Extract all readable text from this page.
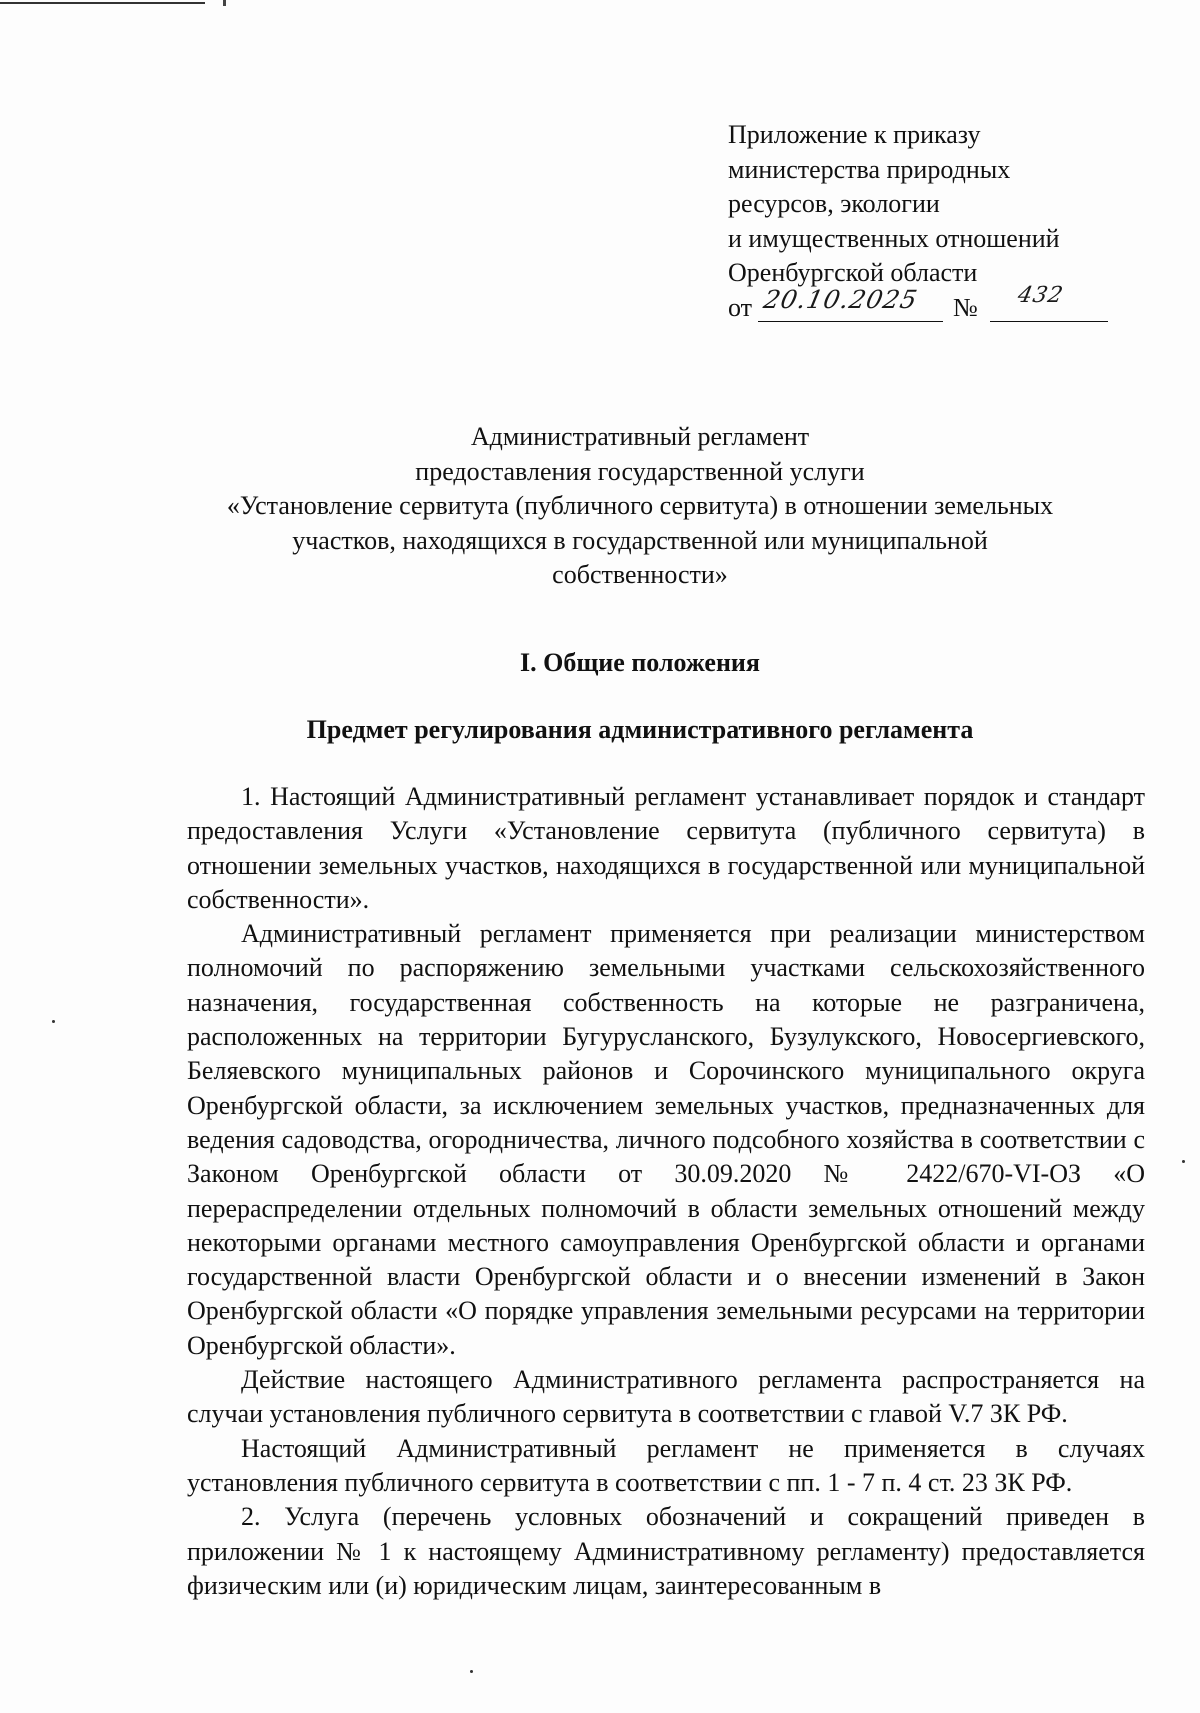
Приложение к приказу
министерства природных
ресурсов, экологии
и имущественных отношений
Оренбургской области
от 20.10.2025 № 432
Административный регламент
предоставления государственной услуги
«Установление сервитута (публичного сервитута) в отношении земельных
участков, находящихся в государственной или муниципальной
собственности»
I. Общие положения
Предмет регулирования административного регламента

1. Настоящий Административный регламент устанавливает порядок и стандарт предоставления Услуги «Установление сервитута (публичного сервитута) в отношении земельных участков, находящихся в государственной или муниципальной собственности».

Административный регламент применяется при реализации министерством полномочий по распоряжению земельными участками сельскохозяйственного назначения, государственная собственность на которые не разграничена, расположенных на территории Бугурусланского, Бузулукского, Новосергиевского, Беляевского муниципальных районов и Сорочинского муниципального округа Оренбургской области, за исключением земельных участков, предназначенных для ведения садоводства, огородничества, личного подсобного хозяйства в соответствии с Законом Оренбургской области от 30.09.2020 № 2422/670-VI-ОЗ «О перераспределении отдельных полномочий в области земельных отношений между некоторыми органами местного самоуправления Оренбургской области и органами государственной власти Оренбургской области и о внесении изменений в Закон Оренбургской области «О порядке управления земельными ресурсами на территории Оренбургской области».

Действие настоящего Административного регламента распространяется на случаи установления публичного сервитута в соответствии с главой V.7 ЗК РФ.

Настоящий Административный регламент не применяется в случаях установления публичного сервитута в соответствии с пп. 1 - 7 п. 4 ст. 23 ЗК РФ.

2. Услуга (перечень условных обозначений и сокращений приведен в приложении № 1 к настоящему Административному регламенту) предоставляется физическим или (и) юридическим лицам, заинтересованным в
